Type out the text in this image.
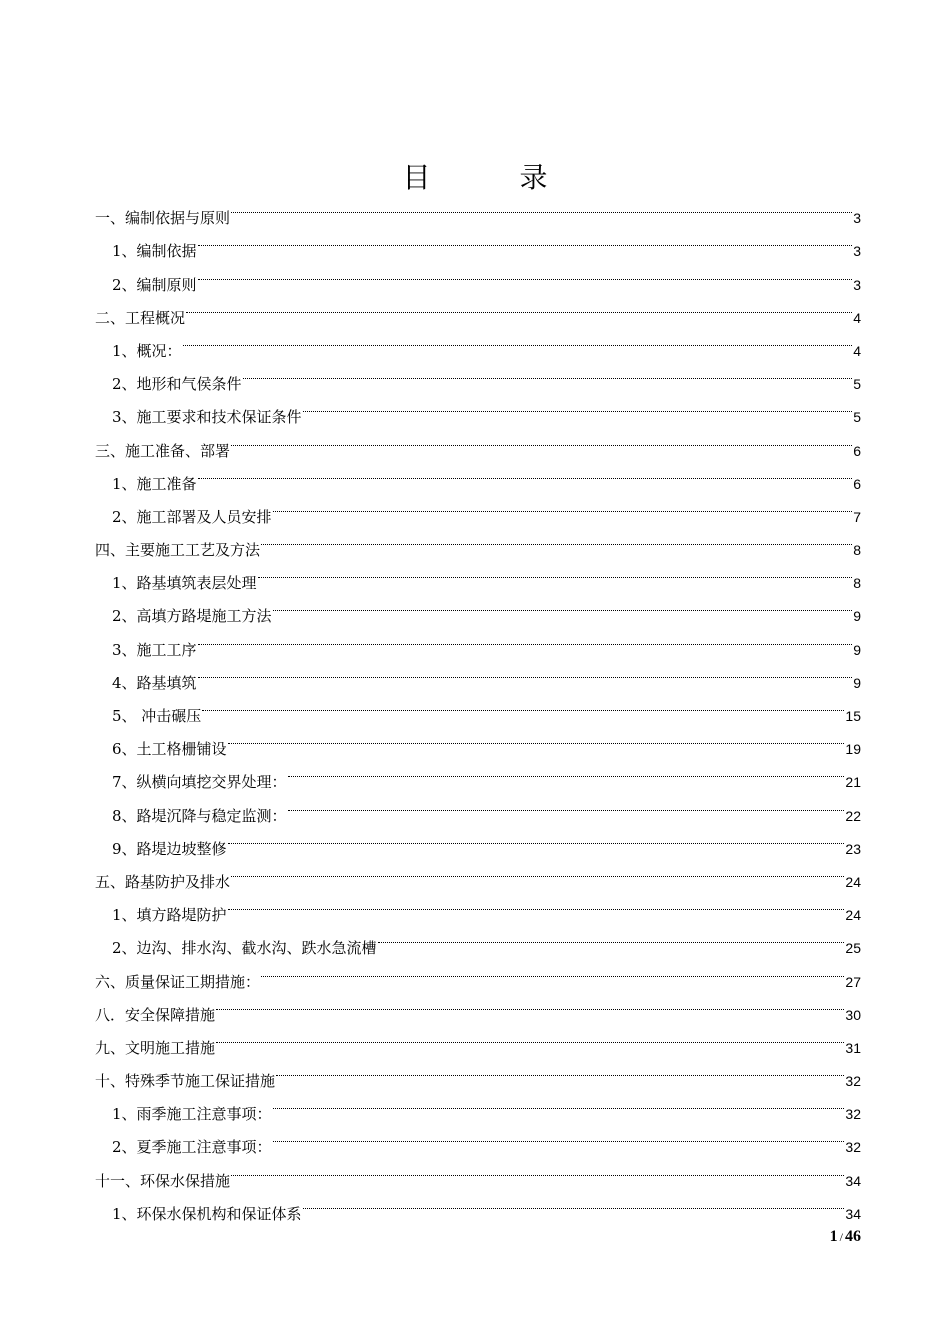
目 录
一、编制依据与原则	3
1、编制依据	3
2、编制原则	3
二、工程概况	4
1、概况：	4
2、地形和气侯条件	5
3、施工要求和技术保证条件	5
三、施工准备、部署	6
1、施工准备	6
2、施工部署及人员安排	7
四、主要施工工艺及方法	8
1、路基填筑表层处理	8
2、高填方路堤施工方法	9
3、施工工序	9
4、路基填筑	9
5、 冲击碾压	15
6、土工格栅铺设	19
7、纵横向填挖交界处理：	21
8、路堤沉降与稳定监测：	22
9、路堤边坡整修	23
五、路基防护及排水	24
1、填方路堤防护	24
2、边沟、排水沟、截水沟、跌水急流槽	25
六、质量保证工期措施：	27
八．安全保障措施	30
九、文明施工措施	31
十、特殊季节施工保证措施	32
1、雨季施工注意事项：	32
2、夏季施工注意事项：	32
十一、环保水保措施	34
1、环保水保机构和保证体系	34
1 / 46
